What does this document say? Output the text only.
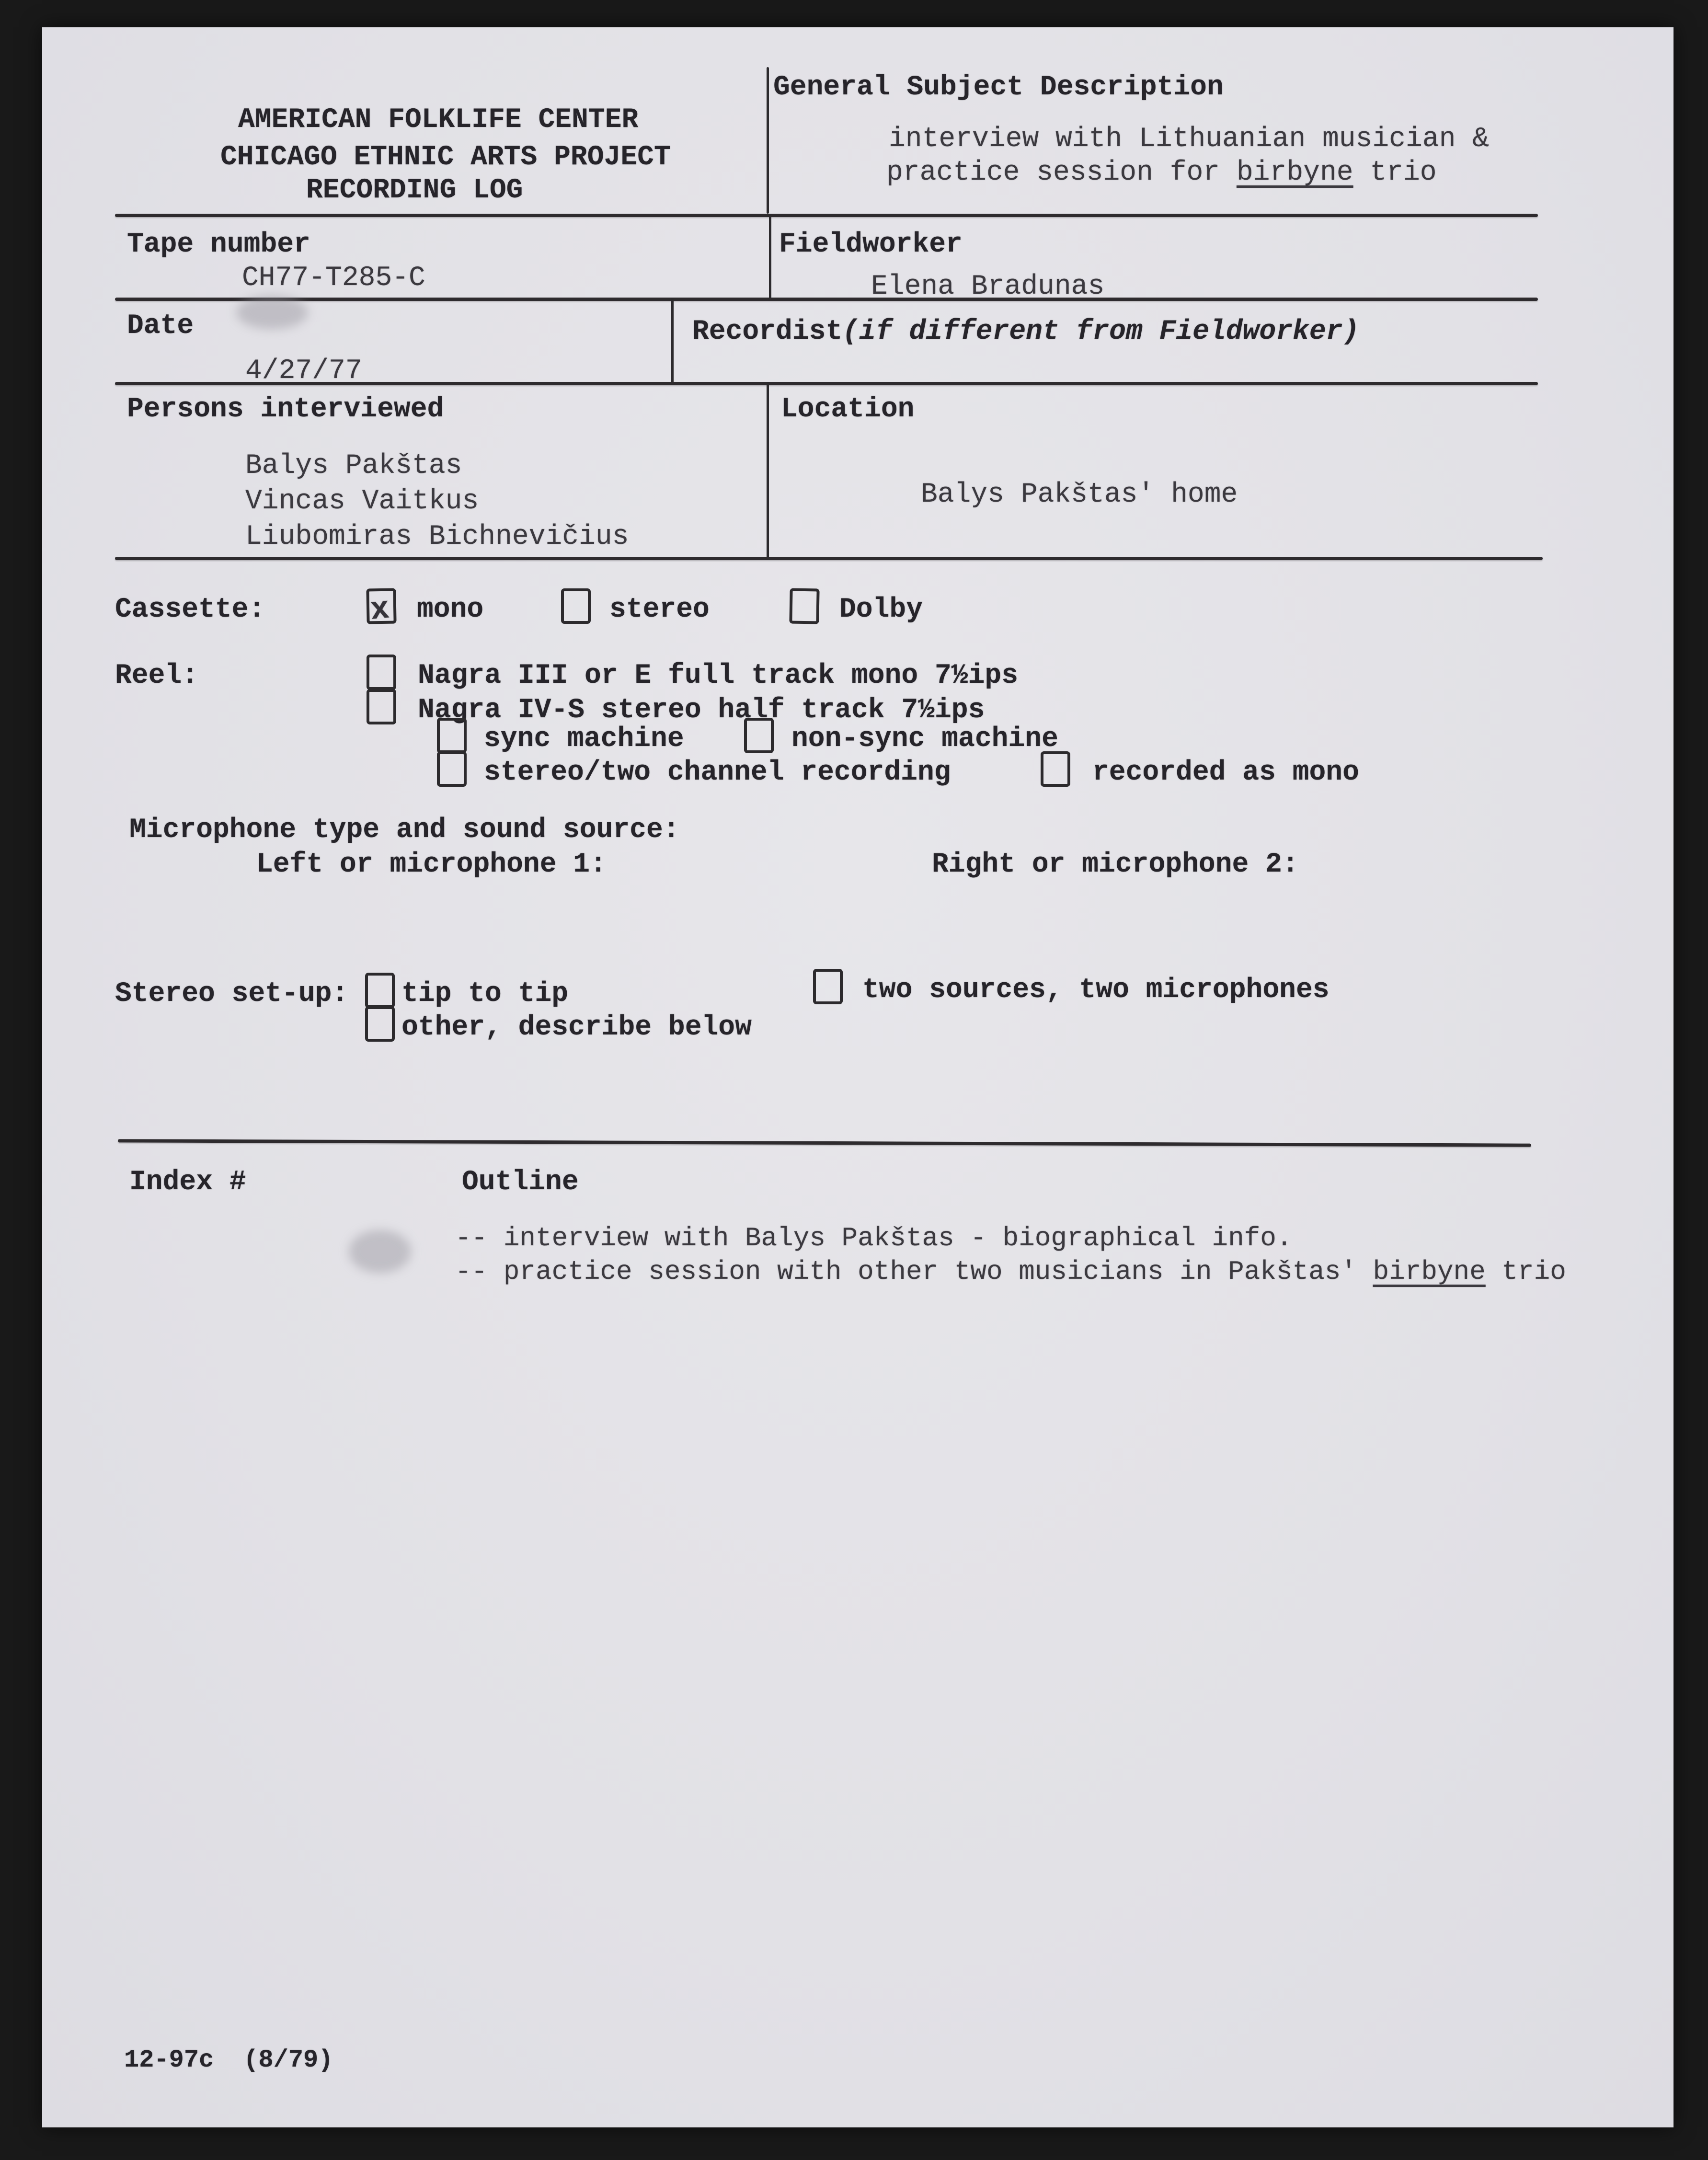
AMERICAN FOLKLIFE CENTER
CHICAGO ETHNIC ARTS PROJECT
RECORDING LOG
General Subject Description
interview with Lithuanian musician &
practice session for birbyne trio
Tape number
CH77-T285-C
Fieldworker
Elena Bradunas
Date
4/27/77
Recordist(if different from Fieldworker)
Persons interviewed
Balys Pakštas
Vincas Vaitkus
Liubomiras Bichnevičius
Location
Balys Pakštas' home
Cassette:	x mono	stereo	Dolby
Reel:	Nagra III or E full track mono 7½ips
Nagra IV-S stereo half track 7½ips
sync machine	non-sync machine
stereo/two channel recording	recorded as mono
Microphone type and sound source:
Left or microphone 1:	Right or microphone 2:
Stereo set-up: tip to tip	two sources, two microphones
other, describe below
Index #	Outline
-- interview with Balys Pakštas - biographical info.
-- practice session with other two musicians in Pakštas' birbyne trio
12-97c (8/79)
